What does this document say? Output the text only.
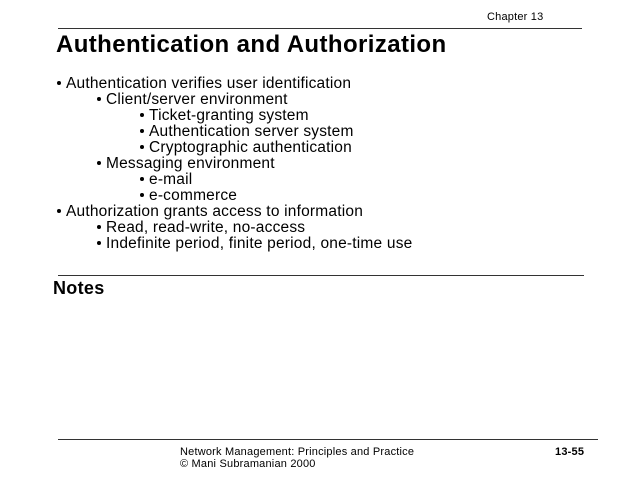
Chapter 13
Authentication and Authorization
Authentication verifies user identification
Client/server environment
Ticket-granting system
Authentication server system
Cryptographic authentication
Messaging environment
e-mail
e-commerce
Authorization grants access to information
Read, read-write, no-access
Indefinite period, finite period, one-time use
Notes
Network Management: Principles and Practice
© Mani Subramanian 2000
13-55
